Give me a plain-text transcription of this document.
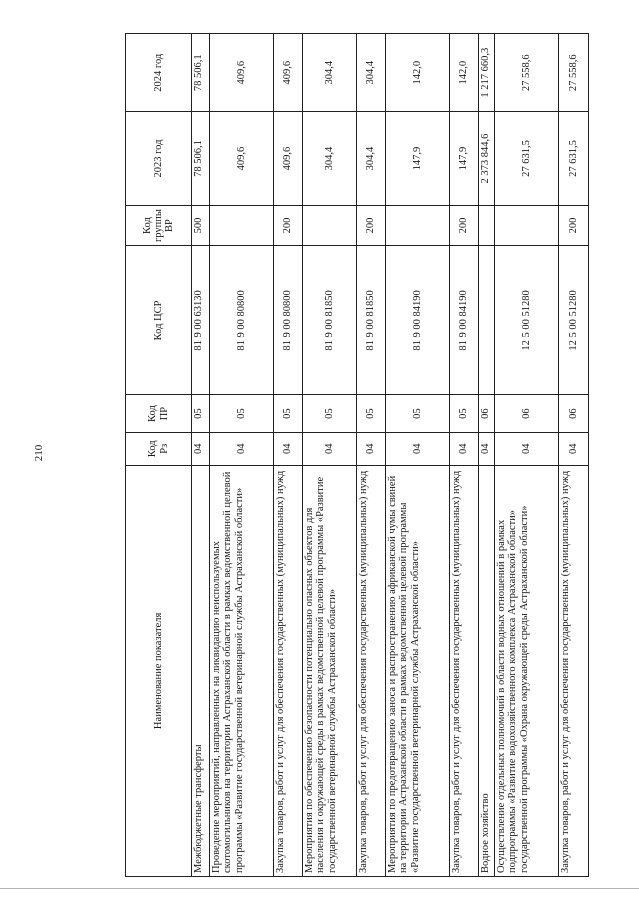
210
Наименование показателя	Код Рз	Код ПР	Код ЦСР	Код группы ВР	2023 год	2024 год
Межбюджетные трансферты	04	05	81 9 00 63130	500	78 506,1	78 506,1
Проведение мероприятий, направленных на ликвидацию неиспользуемых скотомогильников на территории Астраханской области в рамках ведомственной целевой программы «Развитие государственной ветеринарной службы Астраханской области»	04	05	81 9 00 80800		409,6	409,6
Закупка товаров, работ и услуг для обеспечения государственных (муниципальных) нужд	04	05	81 9 00 80800	200	409,6	409,6
Мероприятия по обеспечению безопасности потенциально опасных объектов для населения и окружающей среды в рамках ведомственной целевой программы «Развитие государственной ветеринарной службы Астраханской области»	04	05	81 9 00 81850		304,4	304,4
Закупка товаров, работ и услуг для обеспечения государственных (муниципальных) нужд	04	05	81 9 00 81850	200	304,4	304,4
Мероприятия по предотвращению заноса и распространению африканской чумы свиней на территории Астраханской области в рамках ведомственной целевой программы «Развитие государственной ветеринарной службы Астраханской области»	04	05	81 9 00 84190		147,9	142,0
Закупка товаров, работ и услуг для обеспечения государственных (муниципальных) нужд	04	05	81 9 00 84190	200	147,9	142,0
Водное хозяйство	04	06			2 373 844,6	1 217 660,3
Осуществление отдельных полномочий в области водных отношений в рамках подпрограммы «Развитие водохозяйственного комплекса Астраханской области» государственной программы «Охрана окружающей среды Астраханской области»	04	06	12 5 00 51280		27 631,5	27 558,6
Закупка товаров, работ и услуг для обеспечения государственных (муниципальных) нужд	04	06	12 5 00 51280	200	27 631,5	27 558,6
